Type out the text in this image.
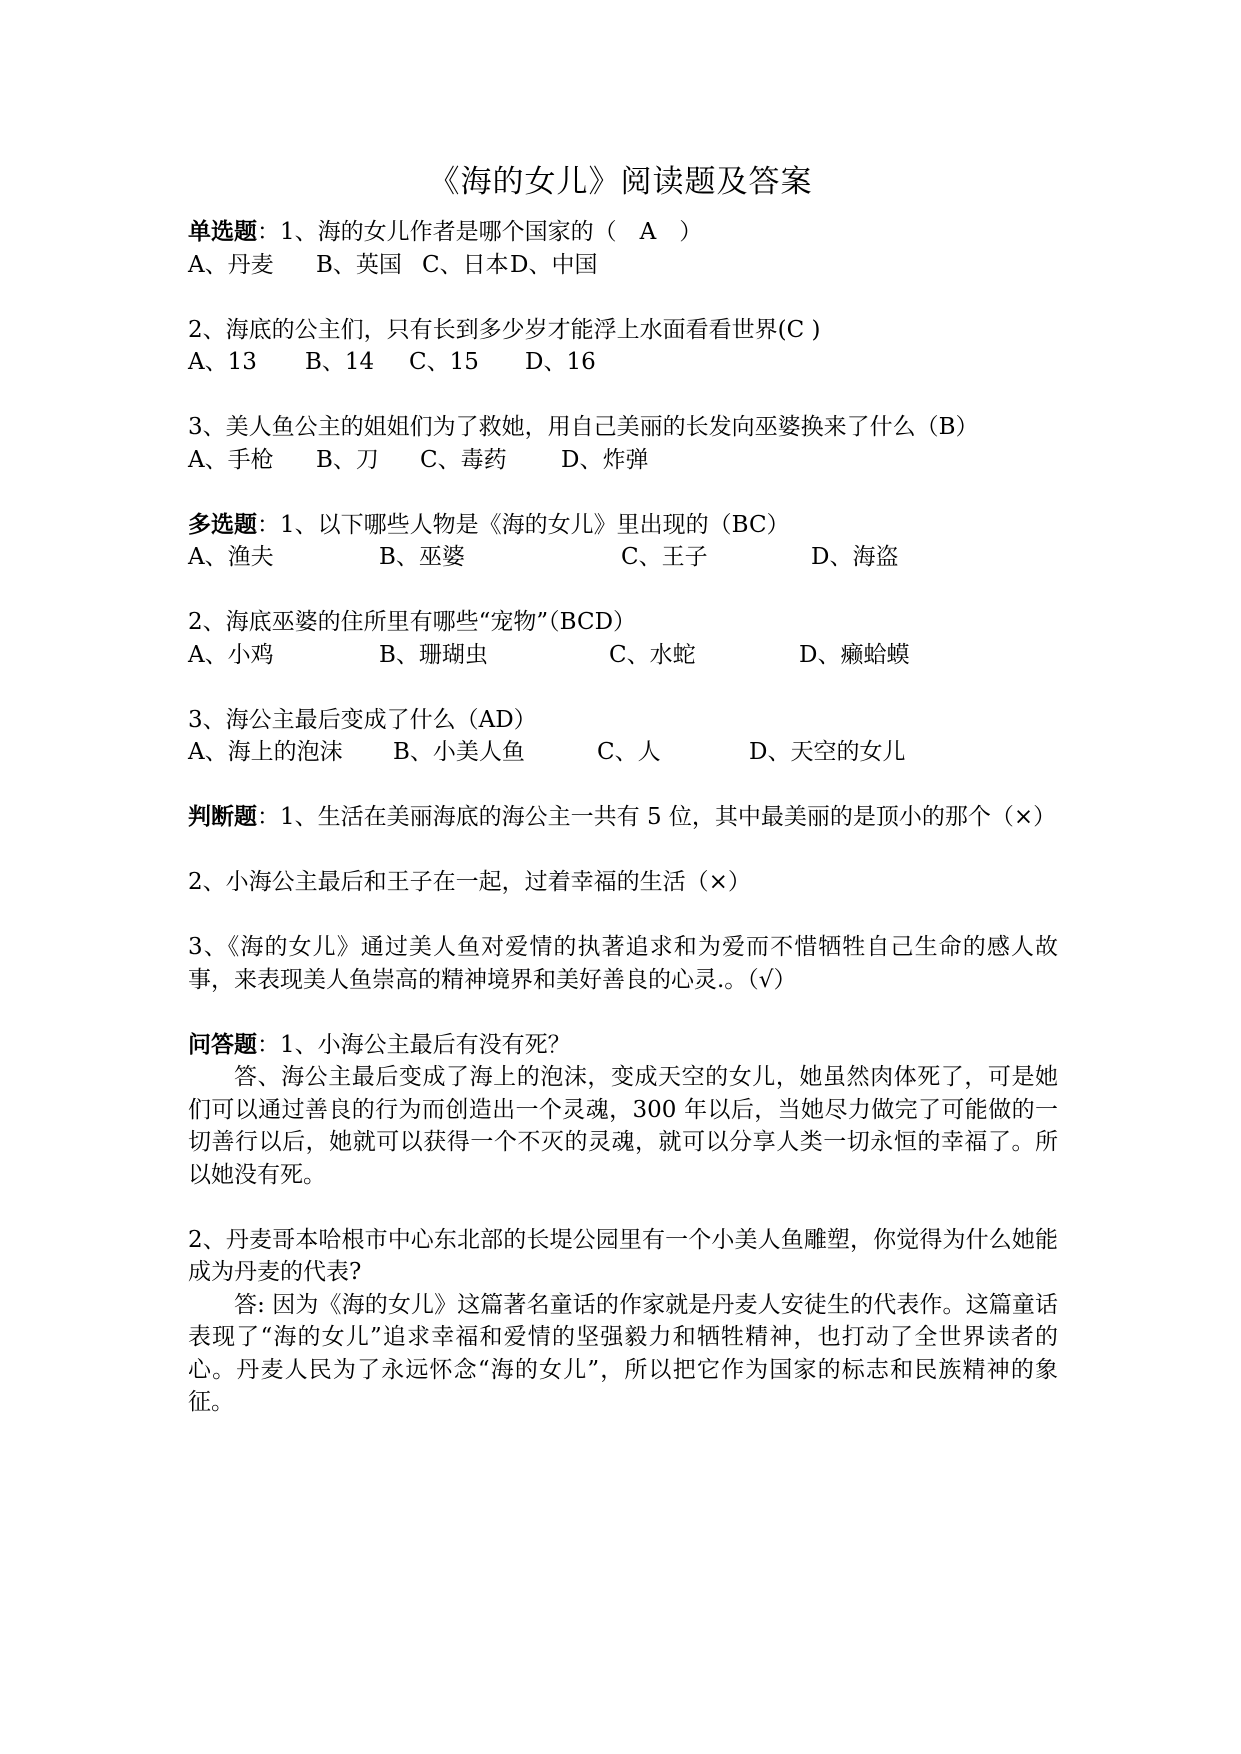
《海的女儿》阅读题及答案
单选题：1、海的女儿作者是哪个国家的（　A　）
A、丹麦 B、英国 C、日本D、中国
2、海底的公主们，只有长到多少岁才能浮上水面看看世界(C )
A、13 B、14 C、15 D、16
3、美人鱼公主的姐姐们为了救她，用自己美丽的长发向巫婆换来了什么（B）
A、手枪 B、刀 C、毒药 D、炸弹
多选题：1、以下哪些人物是《海的女儿》里出现的（BC）
A、渔夫	B、巫婆	C、王子	D、海盗
2、海底巫婆的住所里有哪些“宠物”（BCD）
A、小鸡	B、珊瑚虫	C、水蛇	D、癞蛤蟆
3、海公主最后变成了什么（AD）
A、海上的泡沫 B、小美人鱼	C、人	D、天空的女儿
判断题：1、生活在美丽海底的海公主一共有 5 位，其中最美丽的是顶小的那个（×）
2、小海公主最后和王子在一起，过着幸福的生活（×）
3、《海的女儿》通过美人鱼对爱情的执著追求和为爱而不惜牺牲自己生命的感人故事，来表现美人鱼崇高的精神境界和美好善良的心灵.。（√）
问答题：1、小海公主最后有没有死？
答、海公主最后变成了海上的泡沫，变成天空的女儿，她虽然肉体死了，可是她们可以通过善良的行为而创造出一个灵魂，300 年以后，当她尽力做完了可能做的一切善行以后，她就可以获得一个不灭的灵魂，就可以分享人类一切永恒的幸福了。所以她没有死。
2、丹麦哥本哈根市中心东北部的长堤公园里有一个小美人鱼雕塑，你觉得为什么她能成为丹麦的代表?
答: 因为《海的女儿》这篇著名童话的作家就是丹麦人安徒生的代表作。这篇童话表现了“海的女儿”追求幸福和爱情的坚强毅力和牺牲精神，也打动了全世界读者的心。丹麦人民为了永远怀念“海的女儿”，所以把它作为国家的标志和民族精神的象征。
